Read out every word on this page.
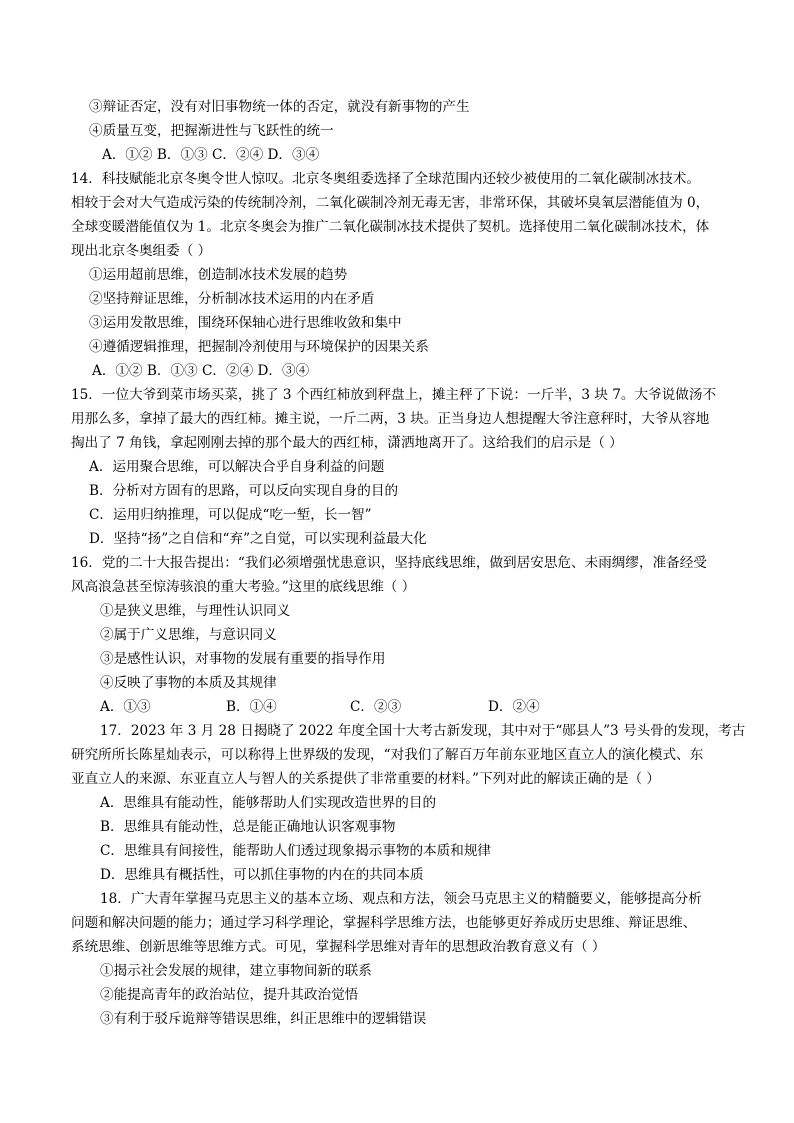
③辩证否定，没有对旧事物统一体的否定，就没有新事物的产生
④质量互变，把握渐进性与飞跃性的统一
A．①② B．①③ C．②④ D．③④
14．科技赋能北京冬奥令世人惊叹。北京冬奥组委选择了全球范围内还较少被使用的二氧化碳制冰技术。
相较于会对大气造成污染的传统制冷剂，二氧化碳制冷剂无毒无害，非常环保，其破坏臭氧层潜能值为 0，
全球变暖潜能值仅为 1。北京冬奥会为推广二氧化碳制冰技术提供了契机。选择使用二氧化碳制冰技术，体
现出北京冬奥组委（ ）
①运用超前思维，创造制冰技术发展的趋势
②坚持辩证思维，分析制冰技术运用的内在矛盾
③运用发散思维，围绕环保轴心进行思维收敛和集中
④遵循逻辑推理，把握制冷剂使用与环境保护的因果关系
A．①② B．①③ C．②④ D．③④
15．一位大爷到菜市场买菜，挑了 3 个西红柿放到秤盘上，摊主秤了下说：一斤半，3 块 7。大爷说做汤不
用那么多，拿掉了最大的西红柿。摊主说，一斤二两，3 块。正当身边人想提醒大爷注意秤时，大爷从容地
掏出了 7 角钱，拿起刚刚去掉的那个最大的西红柿，潇洒地离开了。这给我们的启示是（ ）
A．运用聚合思维，可以解决合乎自身利益的问题
B．分析对方固有的思路，可以反向实现自身的目的
C．运用归纳推理，可以促成“吃一堑，长一智”
D．坚持“扬”之自信和“弃”之自觉，可以实现利益最大化
16．党的二十大报告提出：“我们必须增强忧患意识，坚持底线思维，做到居安思危、未雨绸缪，准备经受
风高浪急甚至惊涛骇浪的重大考验。”这里的底线思维（ ）
①是狭义思维，与理性认识同义
②属于广义思维，与意识同义
③是感性认识，对事物的发展有重要的指导作用
④反映了事物的本质及其规律
A．①③	B．①④	C．②③	D．②④
17．2023 年 3 月 28 日揭晓了 2022 年度全国十大考古新发现，其中对于“郧县人”3 号头骨的发现，考古
研究所所长陈星灿表示，可以称得上世界级的发现，“对我们了解百万年前东亚地区直立人的演化模式、东
亚直立人的来源、东亚直立人与智人的关系提供了非常重要的材料。”下列对此的解读正确的是（ ）
A．思维具有能动性，能够帮助人们实现改造世界的目的
B．思维具有能动性，总是能正确地认识客观事物
C．思维具有间接性，能帮助人们透过现象揭示事物的本质和规律
D．思维具有概括性，可以抓住事物的内在的共同本质
18．广大青年掌握马克思主义的基本立场、观点和方法，领会马克思主义的精髓要义，能够提高分析
问题和解决问题的能力；通过学习科学理论，掌握科学思维方法，也能够更好养成历史思维、辩证思维、
系统思维、创新思维等思维方式。可见，掌握科学思维对青年的思想政治教育意义有（ ）
①揭示社会发展的规律，建立事物间新的联系
②能提高青年的政治站位，提升其政治觉悟
③有利于驳斥诡辩等错误思维，纠正思维中的逻辑错误
